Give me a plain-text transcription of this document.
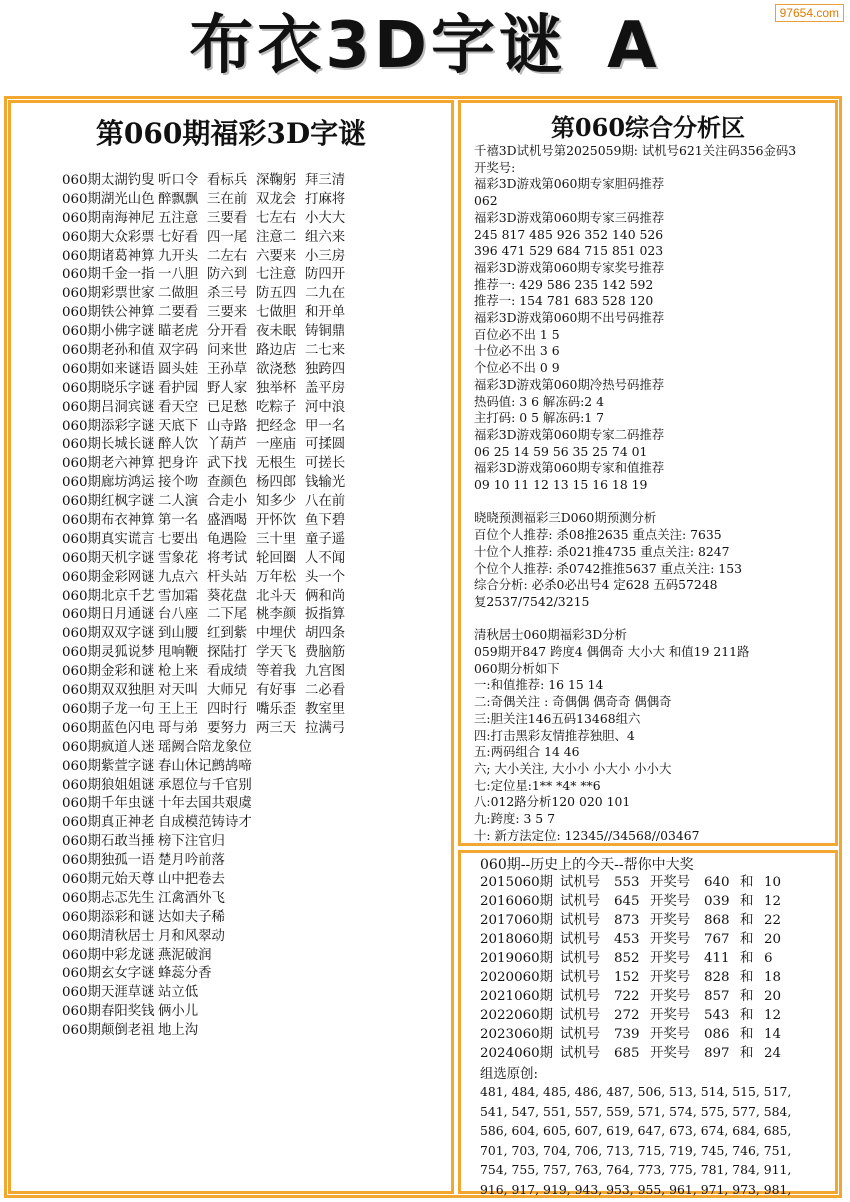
97654.com
布衣3D字谜 A
第060期福彩3D字谜
060期太湖钓叟 听口令 看标兵 深鞠躬 拜三清
060期湖光山色 醉飘飘 三在前 双龙会 打麻将
060期南海神尼 五注意 三要看 七左右 小大大
060期大众彩票 七好看 四一尾 注意二 组六来
060期诸葛神算 九开头 二左右 六要来 小三房
060期千金一指 一八胆 防六到 七注意 防四开
060期彩票世家 二做胆 杀三号 防五四 二九在
060期铁公神算 二要看 三要来 七做胆 和开单
060期小佛字谜 瞄老虎 分开看 夜未眠 铸铜鼎
060期老孙和值 双字码 问来世 路边店 二七来
060期如来谜语 圆头娃 王孙草 欲浇愁 独跨四
060期晓乐字谜 看护园 野人家 独举杯 盖平房
060期吕洞宾谜 看天空 已足愁 吃粽子 河中浪
060期添彩字谜 天底下 山寺路 把经念 甲一名
060期长城长谜 醉人饮 丫葫芦 一座庙 可揉圆
060期老六神算 把身许 武下找 无根生 可搓长
060期廊坊鸿运 接个吻 查颜色 杨四郎 钱输光
060期红枫字谜 二人演 合走小 知多少 八在前
060期布衣神算 第一名 盛酒喝 开怀饮 鱼下碧
060期真实谎言 七要出 龟遇险 三十里 童子遥
060期天机字谜 雪象花 将考试 轮回圈 人不闻
060期金彩网谜 九点六 杆头站 万年松 头一个
060期北京千艺 雪加霜 葵花盘 北斗天 俩和尚
060期日月通谜 台八座 二下尾 桃李颜 扳指算
060期双双字谜 到山腰 红到紫 中埋伏 胡四条
060期灵狐说梦 甩响鞭 探陆打 学天飞 费脑筋
060期金彩和谜 枪上来 看成绩 等着我 九宫图
060期双双独胆 对天叫 大师兄 有好事 二必看
060期子龙一句 王上王 四时行 嘴乐歪 教室里
060期蓝色闪电 哥与弟 要努力 两三天 拉满弓
060期疯道人迷 瑶阙合陪龙象位
060期紫萱字谜 春山休记鹧鸪啼
060期狼姐姐谜 承恩位与千官别
060期千年虫谜 十年去国共艰虞
060期真正神老 自成模范铸诗才
060期石敢当捶 榜下注官归
060期独孤一语 楚月吟前落
060期元始天尊 山中把卷去
060期忐忑先生 江禽酒外飞
060期添彩和谜 达如夫子稀
060期清秋居士 月和风翠动
060期中彩龙谜 燕泥破润
060期玄女字谜 蜂蕊分香
060期天涯草谜 站立低
060期春阳奖钱 俩小儿
060期颠倒老祖 地上沟
第060综合分析区
千禧3D试机号第2025059期: 试机号621关注码356金码3
开奖号:
福彩3D游戏第060期专家胆码推荐
062
福彩3D游戏第060期专家三码推荐
245 817 485 926 352 140 526
396 471 529 684 715 851 023
福彩3D游戏第060期专家奖号推荐
推荐一: 429 586 235 142 592
推荐一: 154 781 683 528 120
福彩3D游戏第060期不出号码推荐
百位必不出 1 5
十位必不出 3 6
个位必不出 0 9
福彩3D游戏第060期冷热号码推荐
热码值: 3 6 解冻码:2 4
主打码: 0 5 解冻码:1 7
福彩3D游戏第060期专家二码推荐
06 25 14 59 56 35 25 74 01
福彩3D游戏第060期专家和值推荐
09 10 11 12 13 15 16 18 19
晓晓预测福彩三D060期预测分析
百位个人推荐: 杀08推2635 重点关注: 7635
十位个人推荐: 杀021推4735 重点关注: 8247
个位个人推荐: 杀0742推推5637 重点关注: 153
综合分析: 必杀0必出号4 定628 五码57248
复2537/7542/3215
清秋居士060期福彩3D分析
059期开847 跨度4 偶偶奇 大小大 和值19 211路
060期分析如下
一:和值推荐: 16 15 14
二:奇偶关注 : 奇偶偶 偶奇奇 偶偶奇
三:胆关注146五码13468组六
四:打击黑彩友情推荐独胆、4
五:两码组合 14 46
六; 大小关注, 大小小 小大小 小小大
七:定位星:1** *4* **6
八:012路分析120 020 101
九:跨度: 3 5 7
十: 新方法定位: 12345//34568//03467
060期--历史上的今天--帮你中大奖
2015060期 试机号 553 开奖号 640 和 10
2016060期 试机号 645 开奖号 039 和 12
2017060期 试机号 873 开奖号 868 和 22
2018060期 试机号 453 开奖号 767 和 20
2019060期 试机号 852 开奖号 411 和 6
2020060期 试机号 152 开奖号 828 和 18
2021060期 试机号 722 开奖号 857 和 20
2022060期 试机号 272 开奖号 543 和 12
2023060期 试机号 739 开奖号 086 和 14
2024060期 试机号 685 开奖号 897 和 24
组选原创:
481, 484, 485, 486, 487, 506, 513, 514, 515, 517, 541, 547, 551, 557, 559, 571, 574, 575, 577, 584, 586, 604, 605, 607, 619, 647, 673, 674, 684, 685, 701, 703, 704, 706, 713, 715, 719, 745, 746, 751, 754, 755, 757, 763, 764, 773, 775, 781, 784, 911, 916, 917, 919, 943, 953, 955, 961, 971, 973, 981,
